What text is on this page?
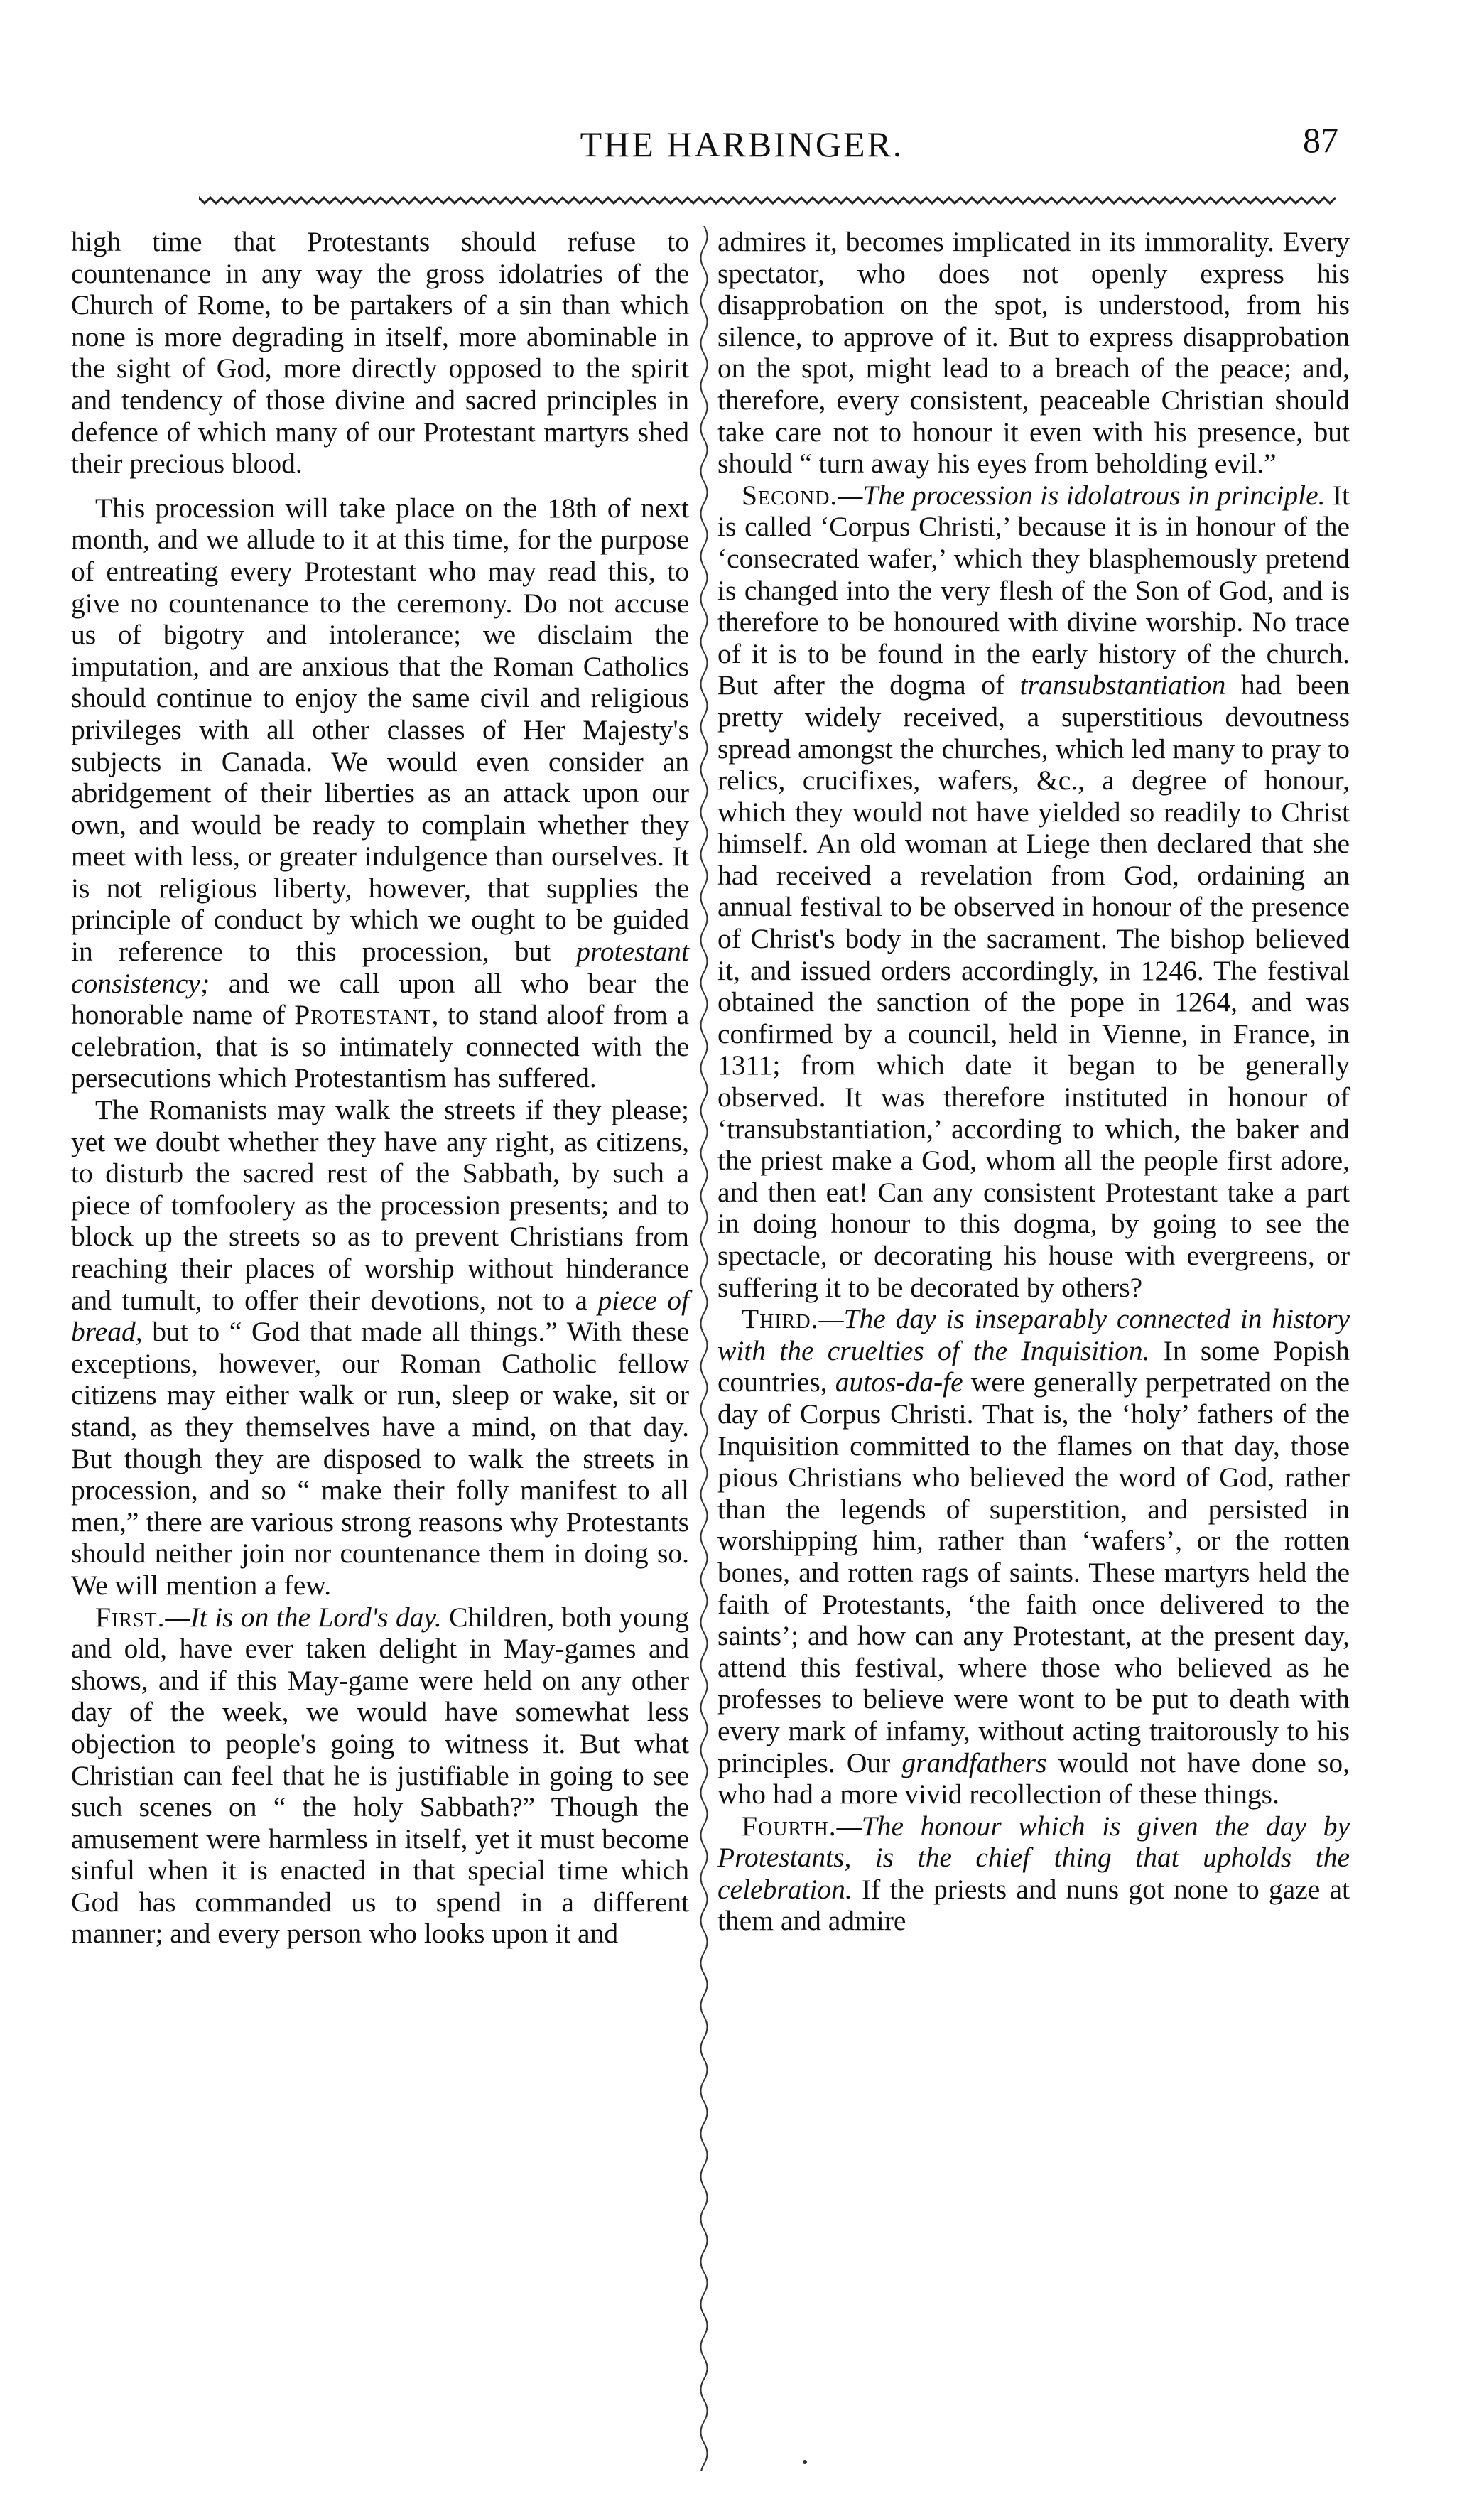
THE HARBINGER.	87

high time that Protestants should refuse to countenance in any way the gross idolatries of the Church of Rome, to be partakers of a sin than which none is more degrading in itself, more abominable in the sight of God, more directly opposed to the spirit and tendency of those divine and sacred principles in defence of which many of our Protestant martyrs shed their precious blood.

This procession will take place on the 18th of next month, and we allude to it at this time, for the purpose of entreating every Protestant who may read this, to give no countenance to the ceremony. Do not accuse us of bigotry and intolerance; we disclaim the imputation, and are anxious that the Roman Catholics should continue to enjoy the same civil and religious privileges with all other classes of Her Majesty's subjects in Canada. We would even consider an abridgement of their liberties as an attack upon our own, and would be ready to complain whether they meet with less, or greater indulgence than ourselves. It is not religious liberty, however, that supplies the principle of conduct by which we ought to be guided in reference to this procession, but protestant consistency; and we call upon all who bear the honorable name of Protestant, to stand aloof from a celebration, that is so intimately connected with the persecutions which Protestantism has suffered.

The Romanists may walk the streets if they please; yet we doubt whether they have any right, as citizens, to disturb the sacred rest of the Sabbath, by such a piece of tomfoolery as the procession presents; and to block up the streets so as to prevent Christians from reaching their places of worship without hinderance and tumult, to offer their devotions, not to a piece of bread, but to “ God that made all things.” With these exceptions, however, our Roman Catholic fellow citizens may either walk or run, sleep or wake, sit or stand, as they themselves have a mind, on that day. But though they are disposed to walk the streets in procession, and so “ make their folly manifest to all men,” there are various strong reasons why Protestants should neither join nor countenance them in doing so. We will mention a few.

First.—It is on the Lord's day. Children, both young and old, have ever taken delight in May-games and shows, and if this May-game were held on any other day of the week, we would have somewhat less objection to people's going to witness it. But what Christian can feel that he is justifiable in going to see such scenes on “ the holy Sabbath?” Though the amusement were harmless in itself, yet it must become sinful when it is enacted in that special time which God has commanded us to spend in a different manner; and every person who looks upon it and

admires it, becomes implicated in its immorality. Every spectator, who does not openly express his disapprobation on the spot, is understood, from his silence, to approve of it. But to express disapprobation on the spot, might lead to a breach of the peace; and, therefore, every consistent, peaceable Christian should take care not to honour it even with his presence, but should “ turn away his eyes from beholding evil.”

Second.—The procession is idolatrous in principle. It is called ‘Corpus Christi,’ because it is in honour of the ‘consecrated wafer,’ which they blasphemously pretend is changed into the very flesh of the Son of God, and is therefore to be honoured with divine worship. No trace of it is to be found in the early history of the church. But after the dogma of transubstantiation had been pretty widely received, a superstitious devoutness spread amongst the churches, which led many to pray to relics, crucifixes, wafers, &c., a degree of honour, which they would not have yielded so readily to Christ himself. An old woman at Liege then declared that she had received a revelation from God, ordaining an annual festival to be observed in honour of the presence of Christ's body in the sacrament. The bishop believed it, and issued orders accordingly, in 1246. The festival obtained the sanction of the pope in 1264, and was confirmed by a council, held in Vienne, in France, in 1311; from which date it began to be generally observed. It was therefore instituted in honour of ‘transubstantiation,’ according to which, the baker and the priest make a God, whom all the people first adore, and then eat! Can any consistent Protestant take a part in doing honour to this dogma, by going to see the spectacle, or decorating his house with evergreens, or suffering it to be decorated by others?

Third.—The day is inseparably connected in history with the cruelties of the Inquisition. In some Popish countries, autos-da-fe were generally perpetrated on the day of Corpus Christi. That is, the ‘holy’ fathers of the Inquisition committed to the flames on that day, those pious Christians who believed the word of God, rather than the legends of superstition, and persisted in worshipping him, rather than ‘wafers’, or the rotten bones, and rotten rags of saints. These martyrs held the faith of Protestants, ‘the faith once delivered to the saints’; and how can any Protestant, at the present day, attend this festival, where those who believed as he professes to believe were wont to be put to death with every mark of infamy, without acting traitorously to his principles. Our grandfathers would not have done so, who had a more vivid recollection of these things.

Fourth.—The honour which is given the day by Protestants, is the chief thing that upholds the celebration. If the priests and nuns got none to gaze at them and admire
